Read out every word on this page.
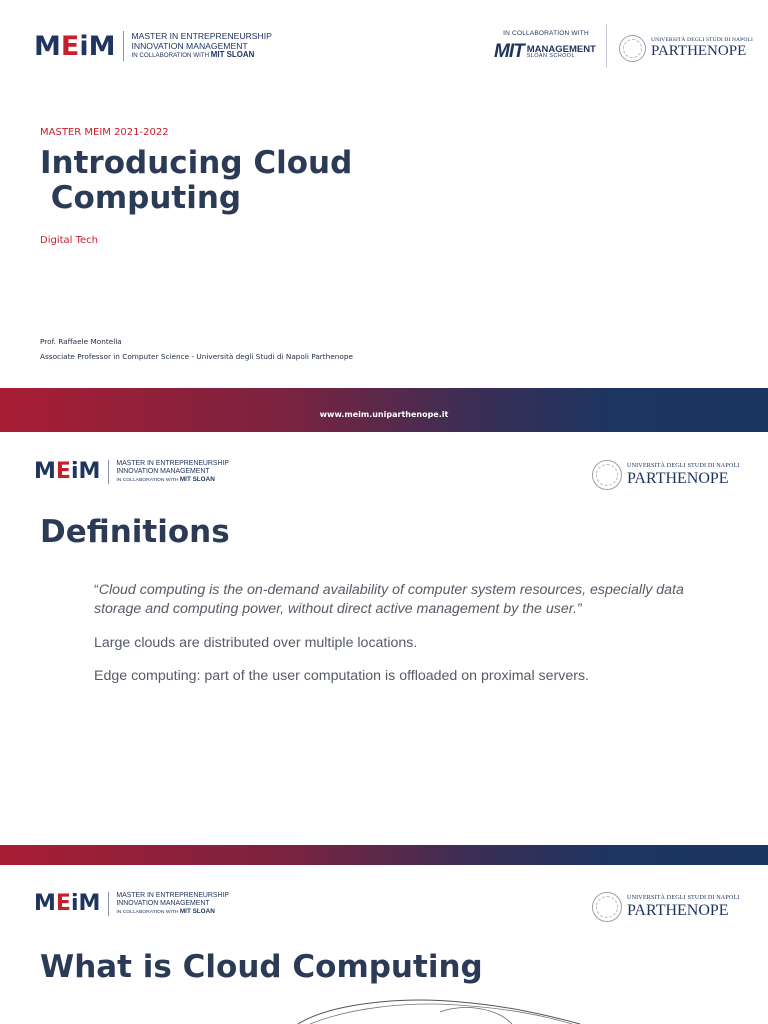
MEiM MASTER IN ENTREPRENEURSHIP
INNOVATION MANAGEMENT
IN COLLABORATION WITH MIT SLOAN
IN COLLABORATION WITH
MIT MANAGEMENT
SLOAN SCHOOL
UNIVERSITÀ DEGLI STUDI DI NAPOLI
PARTHENOPE
MASTER MEIM 2021-2022
Introducing Cloud
Computing
Digital Tech
Prof. Raffaele Montella
Associate Professor in Computer Science - Università degli Studi di Napoli Parthenope
www.meim.uniparthenope.it
MEiM MASTER IN ENTREPRENEURSHIP
INNOVATION MANAGEMENT
IN COLLABORATION WITH MIT SLOAN
UNIVERSITÀ DEGLI STUDI DI NAPOLI
PARTHENOPE
Definitions
“Cloud computing is the on-demand availability of computer system resources, especially data storage and computing power, without direct active management by the user.”
Large clouds are distributed over multiple locations.
Edge computing: part of the user computation is offloaded on proximal servers.
MEiM MASTER IN ENTREPRENEURSHIP
INNOVATION MANAGEMENT
IN COLLABORATION WITH MIT SLOAN
UNIVERSITÀ DEGLI STUDI DI NAPOLI
PARTHENOPE
What is Cloud Computing
